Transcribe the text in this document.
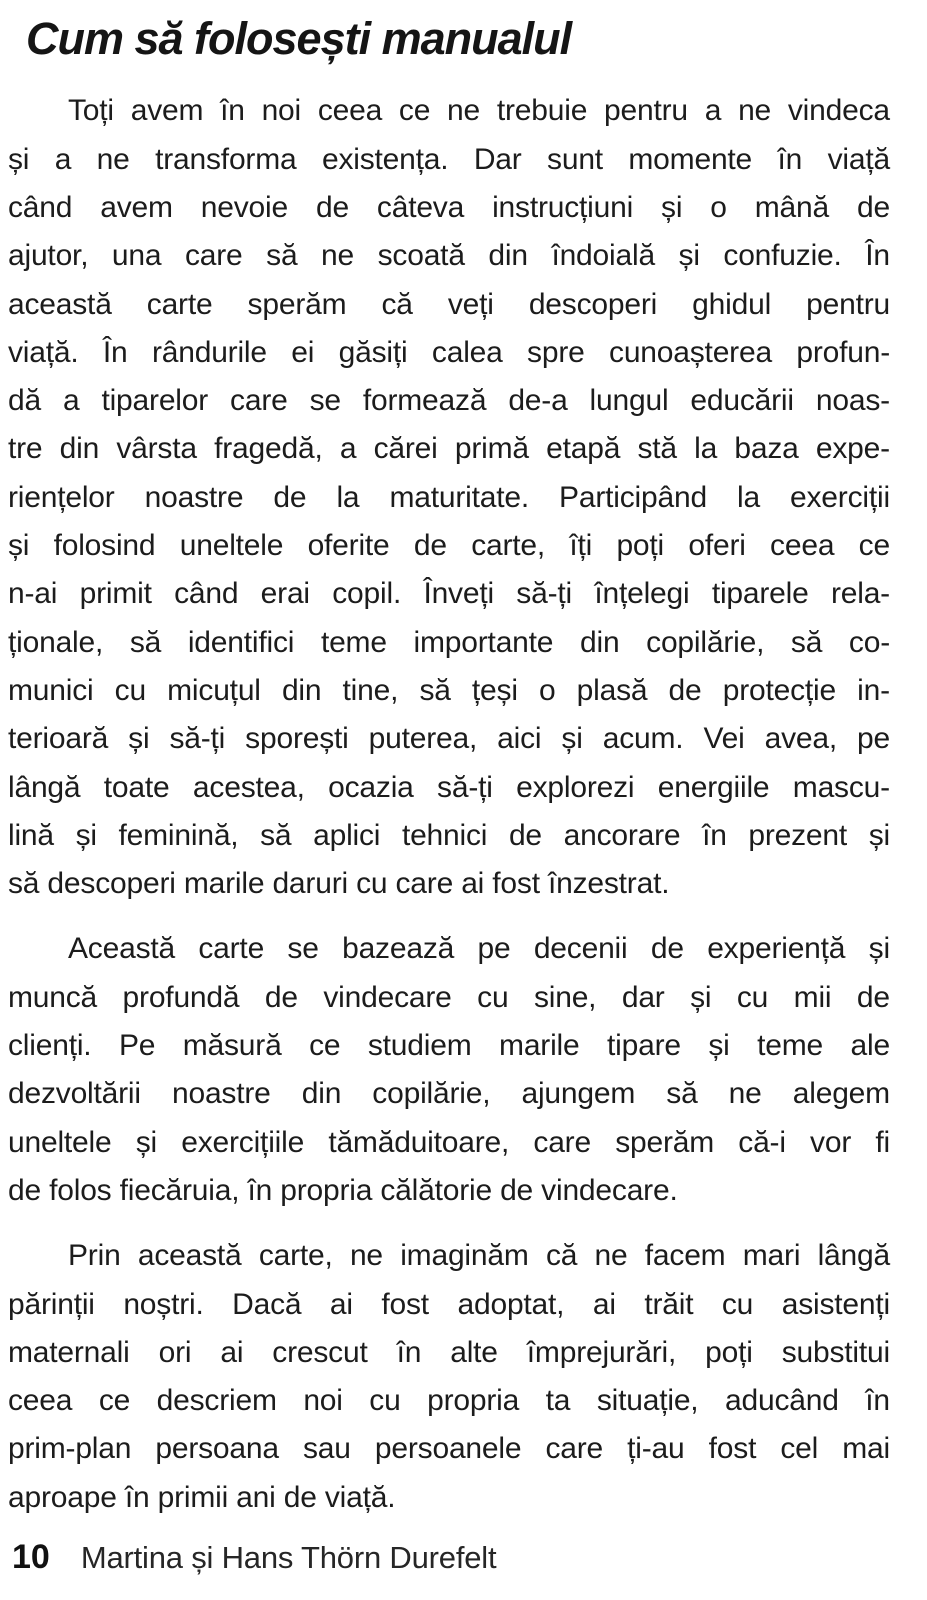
Cum să folosești manualul
Toți avem în noi ceea ce ne trebuie pentru a ne vindeca
și a ne transforma existența. Dar sunt momente în viață
când avem nevoie de câteva instrucțiuni și o mână de
ajutor, una care să ne scoată din îndoială și confuzie. În
această carte sperăm că veți descoperi ghidul pentru
viață. În rândurile ei găsiți calea spre cunoașterea profun-
dă a tiparelor care se formează de-a lungul educării noas-
tre din vârsta fragedă, a cărei primă etapă stă la baza expe-
riențelor noastre de la maturitate. Participând la exerciții
și folosind uneltele oferite de carte, îți poți oferi ceea ce
n-ai primit când erai copil. Înveți să-ți înțelegi tiparele rela-
ționale, să identifici teme importante din copilărie, să co-
munici cu micuțul din tine, să țeși o plasă de protecție in-
terioară și să-ți sporești puterea, aici și acum. Vei avea, pe
lângă toate acestea, ocazia să-ți explorezi energiile mascu-
lină și feminină, să aplici tehnici de ancorare în prezent și
să descoperi marile daruri cu care ai fost înzestrat.
Această carte se bazează pe decenii de experiență și
muncă profundă de vindecare cu sine, dar și cu mii de
clienți. Pe măsură ce studiem marile tipare și teme ale
dezvoltării noastre din copilărie, ajungem să ne alegem
uneltele și exercițiile tămăduitoare, care sperăm că-i vor fi
de folos fiecăruia, în propria călătorie de vindecare.
Prin această carte, ne imaginăm că ne facem mari lângă
părinții noștri. Dacă ai fost adoptat, ai trăit cu asistenți
maternali ori ai crescut în alte împrejurări, poți substitui
ceea ce descriem noi cu propria ta situație, aducând în
prim-plan persoana sau persoanele care ți-au fost cel mai
aproape în primii ani de viață.
10 Martina și Hans Thörn Durefelt
